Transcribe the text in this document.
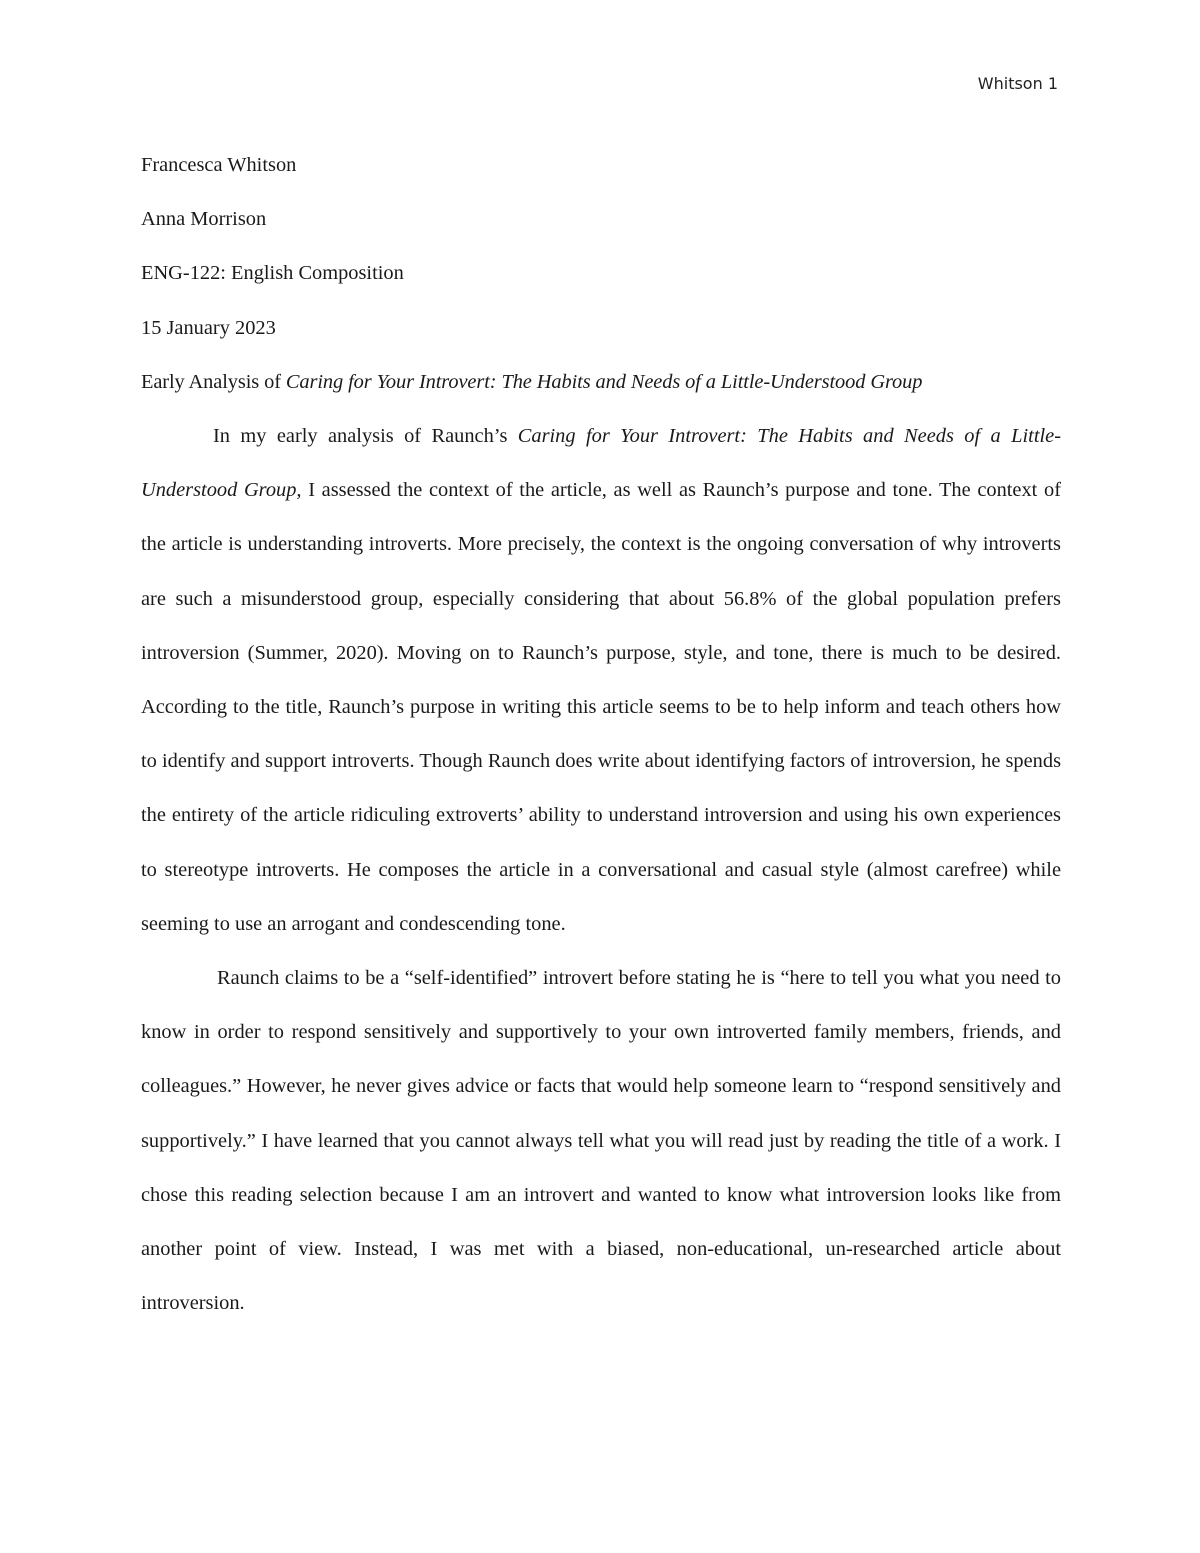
Whitson 1

Francesca Whitson

Anna Morrison

ENG-122: English Composition

15 January 2023

Early Analysis of Caring for Your Introvert: The Habits and Needs of a Little-Understood Group

In my early analysis of Raunch’s Caring for Your Introvert: The Habits and Needs of a Little-Understood Group, I assessed the context of the article, as well as Raunch’s purpose and tone. The context of the article is understanding introverts. More precisely, the context is the ongoing conversation of why introverts are such a misunderstood group, especially considering that about 56.8% of the global population prefers introversion (Summer, 2020). Moving on to Raunch’s purpose, style, and tone, there is much to be desired. According to the title, Raunch’s purpose in writing this article seems to be to help inform and teach others how to identify and support introverts. Though Raunch does write about identifying factors of introversion, he spends the entirety of the article ridiculing extroverts’ ability to understand introversion and using his own experiences to stereotype introverts. He composes the article in a conversational and casual style (almost carefree) while seeming to use an arrogant and condescending tone.

Raunch claims to be a “self-identified” introvert before stating he is “here to tell you what you need to know in order to respond sensitively and supportively to your own introverted family members, friends, and colleagues.” However, he never gives advice or facts that would help someone learn to “respond sensitively and supportively.” I have learned that you cannot always tell what you will read just by reading the title of a work. I chose this reading selection because I am an introvert and wanted to know what introversion looks like from another point of view. Instead, I was met with a biased, non-educational, un-researched article about introversion.
